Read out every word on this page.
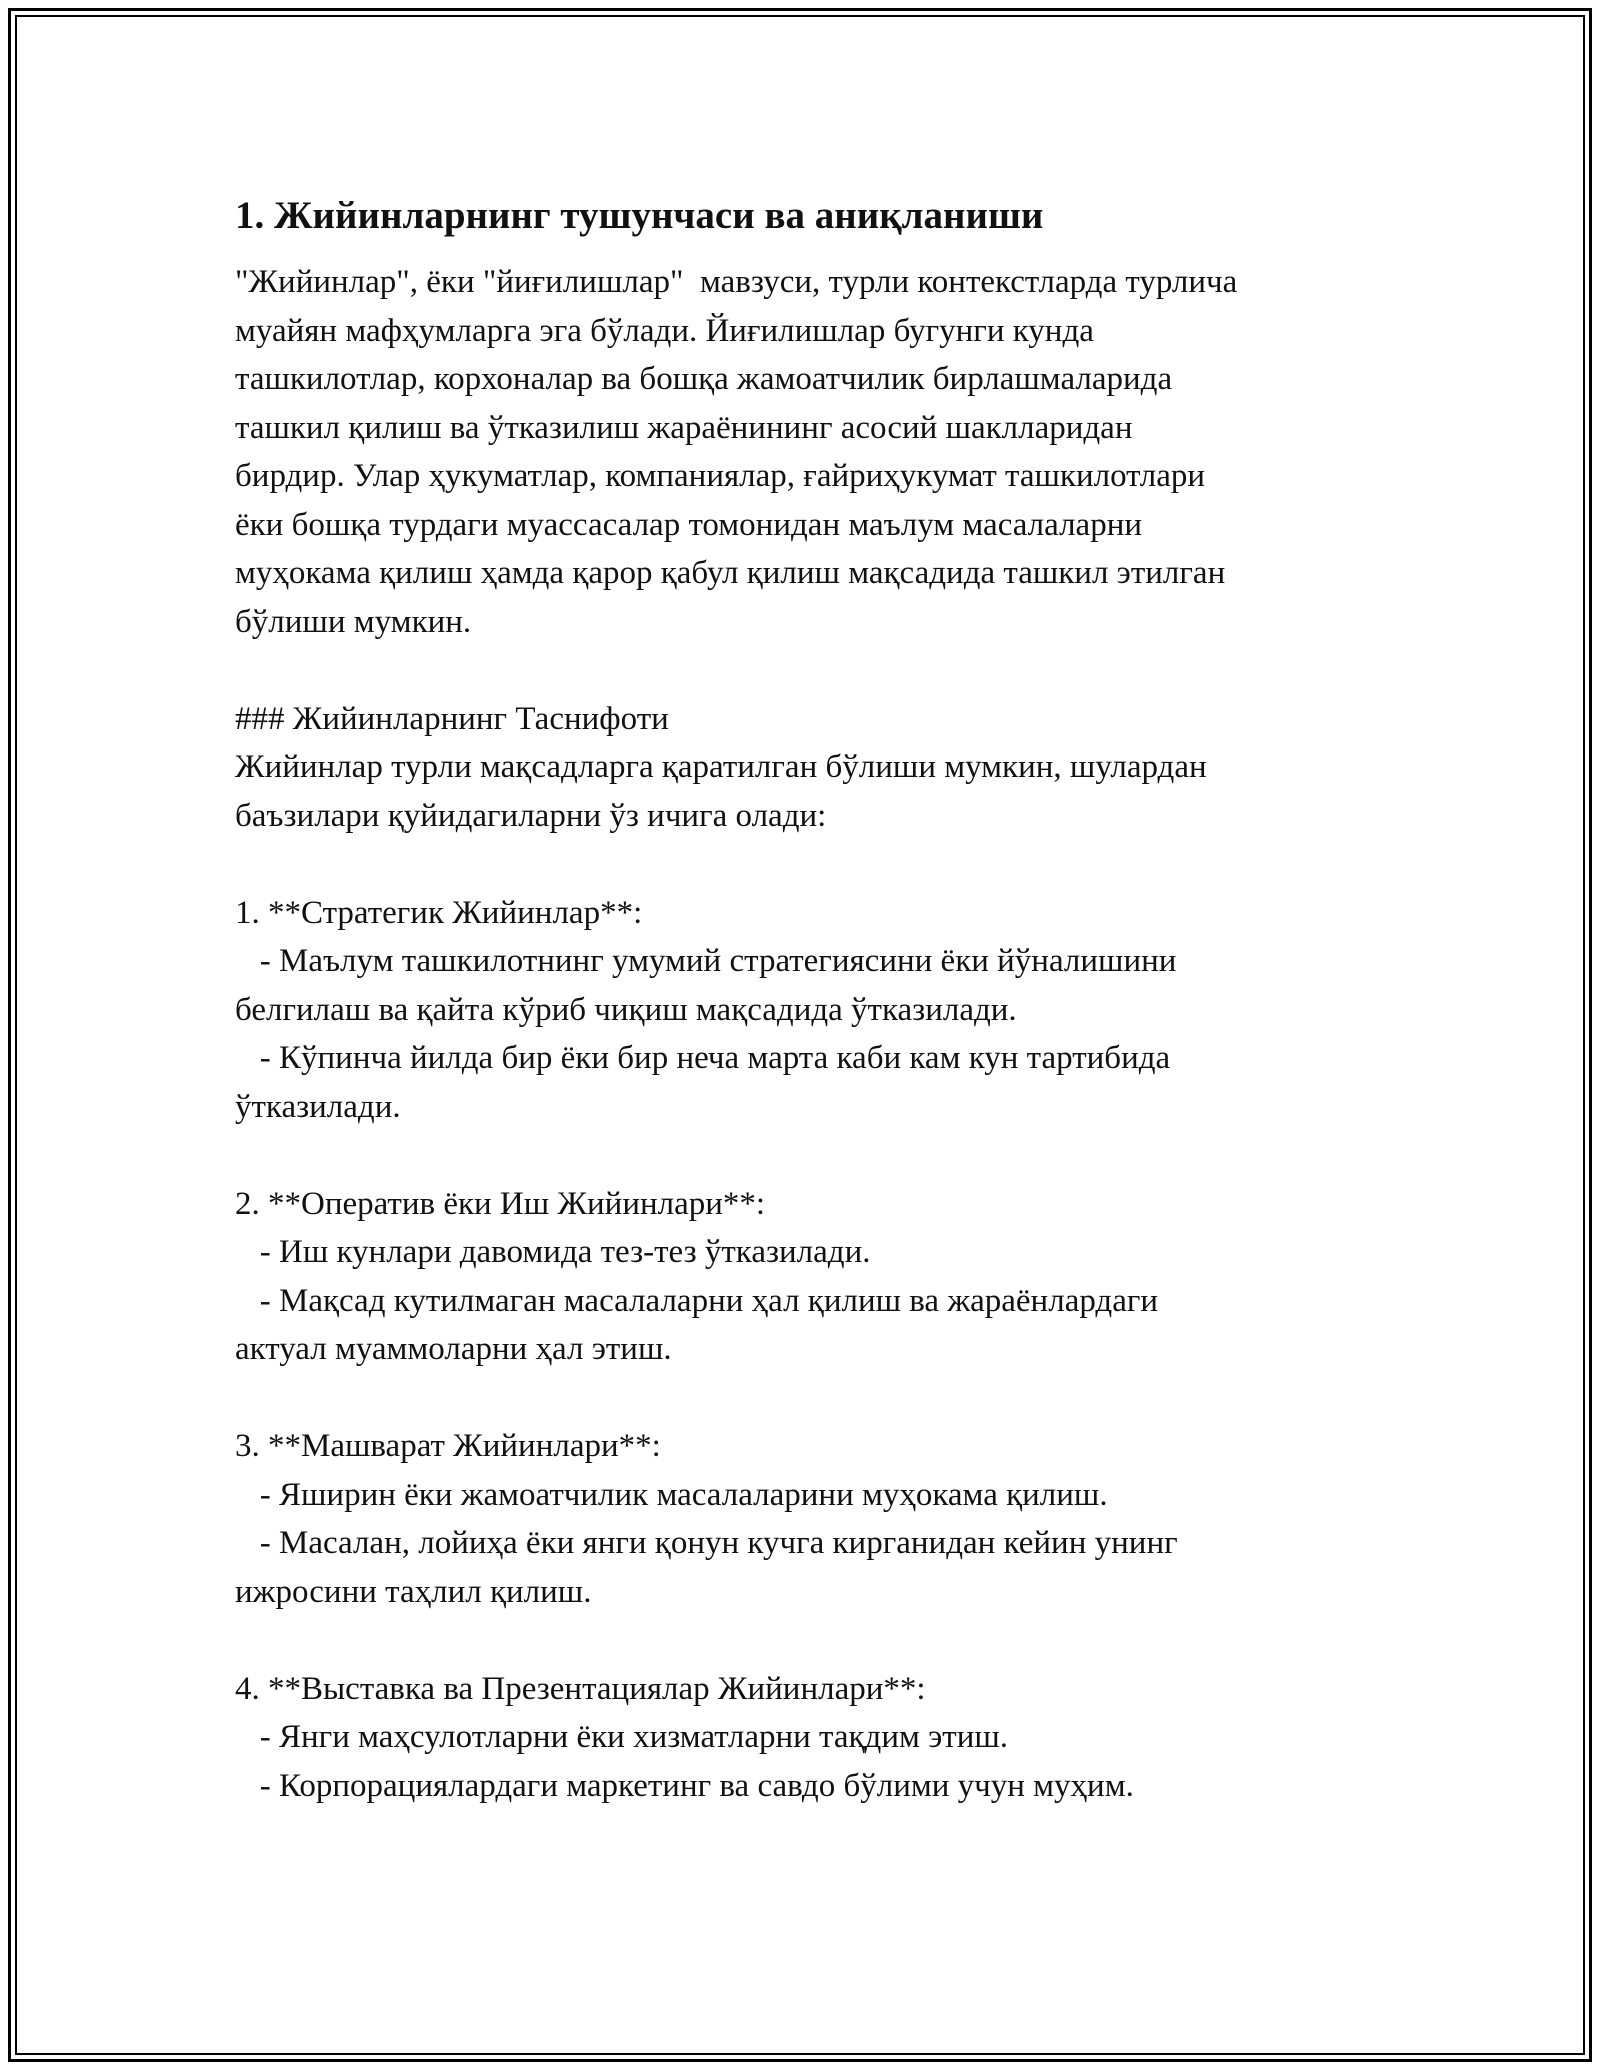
1. Жийинларнинг тушунчаси ва аниқланиши
"Жийинлар", ёки "йиғилишлар"  мавзуси, турли контекстларда турлича
муайян мафҳумларга эга бўлади. Йиғилишлар бугунги кунда
ташкилотлар, корхоналар ва бошқа жамоатчилик бирлашмаларида
ташкил қилиш ва ўтказилиш жараёнининг асосий шаклларидан
бирдир. Улар ҳукуматлар, компаниялар, ғайриҳукумат ташкилотлари
ёки бошқа турдаги муассасалар томонидан маълум масалаларни
муҳокама қилиш ҳамда қарор қабул қилиш мақсадида ташкил этилган
бўлиши мумкин.
### Жийинларнинг Таснифоти
Жийинлар турли мақсадларга қаратилган бўлиши мумкин, шулардан
баъзилари қуйидагиларни ўз ичига олади:
1. **Стратегик Жийинлар**:
- Маълум ташкилотнинг умумий стратегиясини ёки йўналишини
белгилаш ва қайта кўриб чиқиш мақсадида ўтказилади.
- Кўпинча йилда бир ёки бир неча марта каби кам кун тартибида
ўтказилади.
2. **Оператив ёки Иш Жийинлари**:
- Иш кунлари давомида тез-тез ўтказилади.
- Мақсад кутилмаган масалаларни ҳал қилиш ва жараёнлардаги
актуал муаммоларни ҳал этиш.
3. **Машварат Жийинлари**:
- Яширин ёки жамоатчилик масалаларини муҳокама қилиш.
- Масалан, лойиҳа ёки янги қонун кучга кирганидан кейин унинг
ижросини таҳлил қилиш.
4. **Выставка ва Презентациялар Жийинлари**:
- Янги маҳсулотларни ёки хизматларни тақдим этиш.
- Корпорациялардаги маркетинг ва савдо бўлими учун муҳим.
